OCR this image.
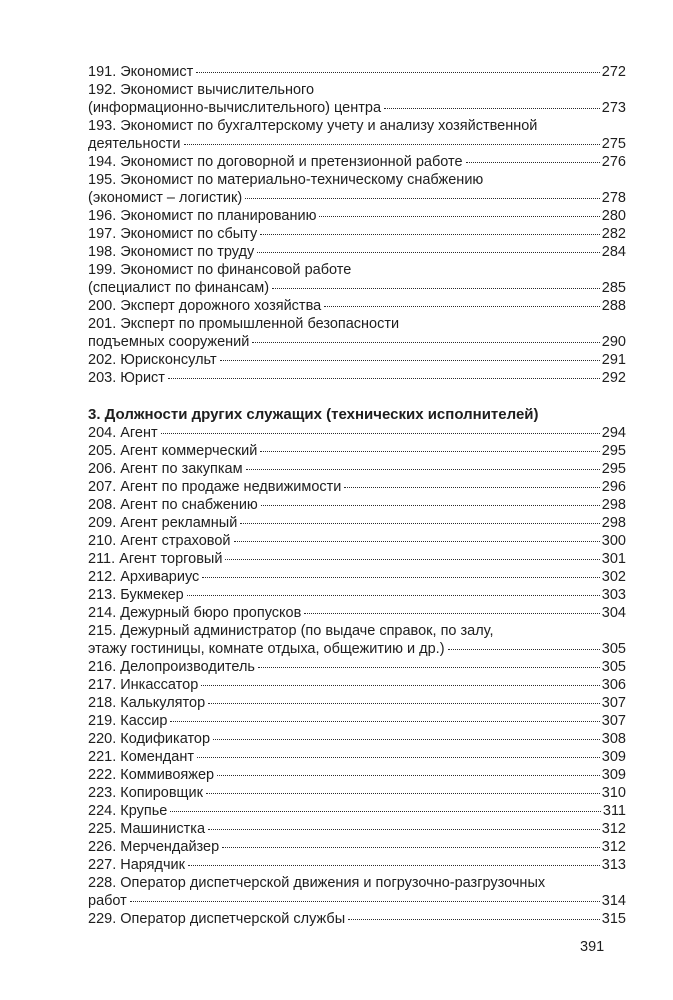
191. Экономист	272
192. Экономист вычислительного
(информационно-вычислительного) центра	273
193. Экономист по бухгалтерскому учету и анализу хозяйственной
деятельности	275
194. Экономист по договорной и претензионной работе	276
195. Экономист по материально-техническому снабжению
(экономист – логистик)	278
196. Экономист по планированию	280
197. Экономист по сбыту	282
198. Экономист по труду	284
199. Экономист по финансовой работе
(специалист по финансам)	285
200. Эксперт дорожного хозяйства	288
201. Эксперт по промышленной безопасности
подъемных сооружений	290
202. Юрисконсульт	291
203. Юрист	292
3. Должности других служащих (технических исполнителей)
204. Агент	294
205. Агент коммерческий	295
206. Агент по закупкам	295
207. Агент по продаже недвижимости	296
208. Агент по снабжению	298
209. Агент рекламный	298
210. Агент страховой	300
211. Агент торговый	301
212. Архивариус	302
213. Букмекер	303
214. Дежурный бюро пропусков	304
215. Дежурный администратор (по выдаче справок, по залу,
этажу гостиницы, комнате отдыха, общежитию и др.)	305
216. Делопроизводитель	305
217. Инкассатор	306
218. Калькулятор	307
219. Кассир	307
220. Кодификатор	308
221. Комендант	309
222. Коммивояжер	309
223. Копировщик	310
224. Крупье	311
225. Машинистка	312
226. Мерчендайзер	312
227. Нарядчик	313
228. Оператор диспетчерской движения и погрузочно-разгрузочных
работ	314
229. Оператор диспетчерской службы	315
391
